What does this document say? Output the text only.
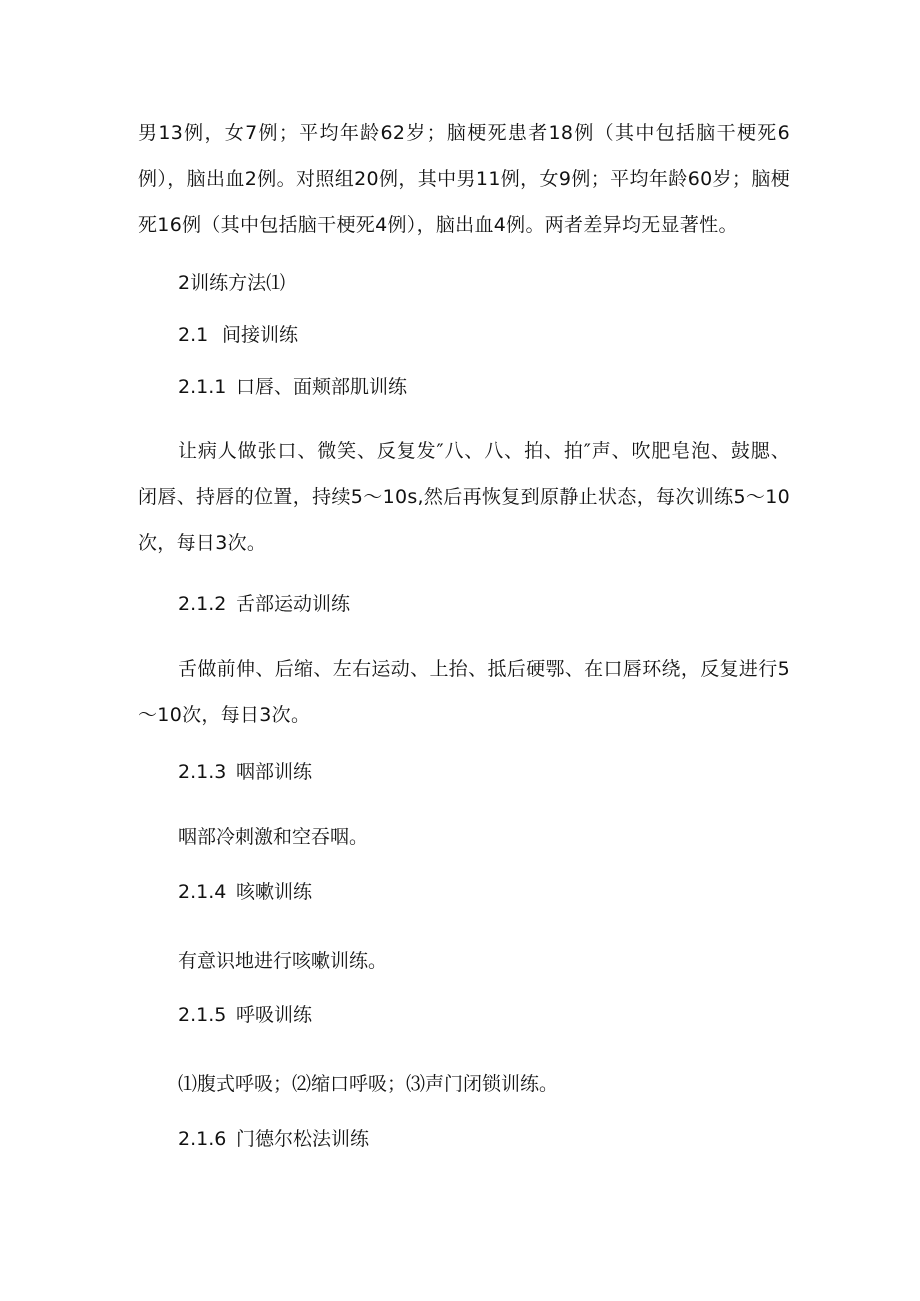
男13例，女7例；平均年龄62岁；脑梗死患者18例（其中包括脑干梗死6例），脑出血2例。对照组20例，其中男11例，女9例；平均年龄60岁；脑梗死16例（其中包括脑干梗死4例），脑出血4例。两者差异均无显著性。
2训练方法⑴
2.1 间接训练
2.1.1 口唇、面颊部肌训练
让病人做张口、微笑、反复发″八、八、拍、拍″声、吹肥皂泡、鼓腮、闭唇、持唇的位置，持续5～10s,然后再恢复到原静止状态，每次训练5～10次，每日3次。
2.1.2 舌部运动训练
舌做前伸、后缩、左右运动、上抬、抵后硬鄂、在口唇环绕，反复进行5～10次，每日3次。
2.1.3 咽部训练
咽部冷刺激和空吞咽。
2.1.4 咳嗽训练
有意识地进行咳嗽训练。
2.1.5 呼吸训练
⑴腹式呼吸；⑵缩口呼吸；⑶声门闭锁训练。
2.1.6 门德尔松法训练
